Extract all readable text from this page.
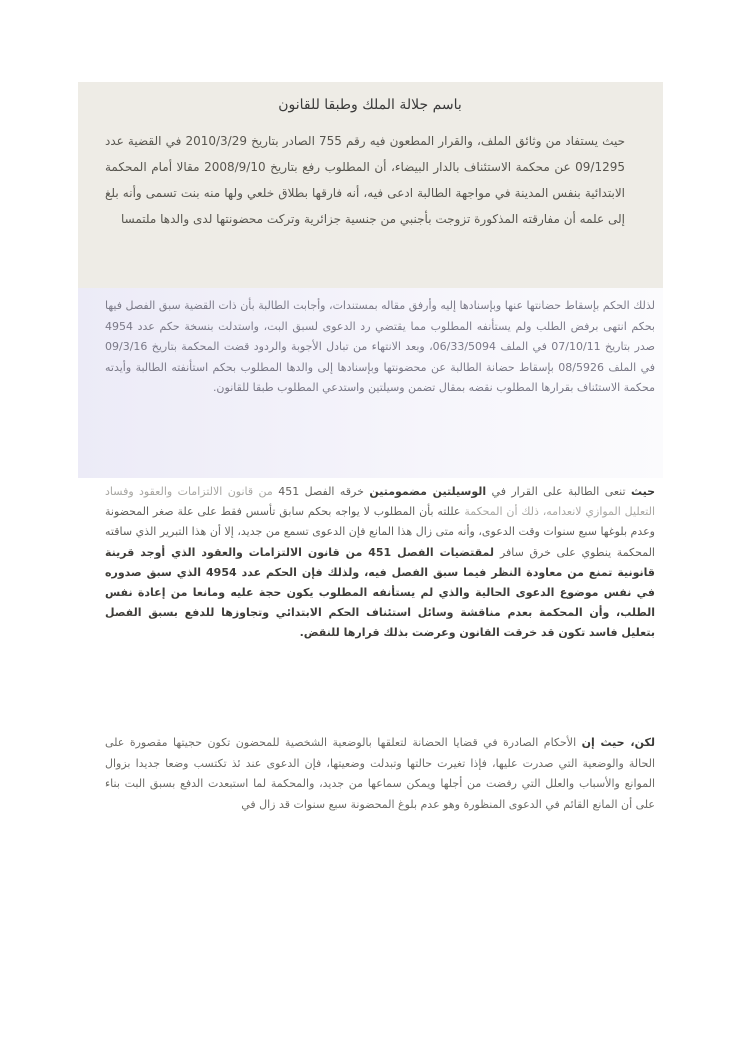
باسم جلالة الملك وطبقا للقانون
حيث يستفاد من وثائق الملف، والقرار المطعون فيه رقم 755 الصادر بتاريخ 2010/3/29 في القضية عدد 09/1295 عن محكمة الاستئناف بالدار البيضاء، أن المطلوب رفع بتاريخ 2008/9/10 مقالا أمام المحكمة الابتدائية بنفس المدينة في مواجهة الطالبة ادعى فيه، أنه فارقها بطلاق خلعي ولها منه بنت تسمى وأنه بلغ إلى علمه أن مفارقته المذكورة تزوجت بأجنبي من جنسية جزائرية وتركت محضونتها لدى والدها ملتمسا
لذلك الحكم بإسقاط حضانتها عنها وبإسنادها إليه وأرفق مقاله بمستندات، وأجابت الطالبة بأن ذات القضية سبق الفصل فيها بحكم انتهى برفض الطلب ولم يستأنفه المطلوب مما يقتضي رد الدعوى لسبق البت، واستدلت بنسخة حكم عدد 4954 صدر بتاريخ 07/10/11 في الملف 06/33/5094، وبعد الانتهاء من تبادل الأجوبة والردود قضت المحكمة بتاريخ 09/3/16 في الملف 08/5926 بإسقاط حضانة الطالبة عن محضونتها وبإسنادها إلى والدها المطلوب بحكم استأنفته الطالبة وأيدته محكمة الاستئناف بقرارها المطلوب نقضه بمقال تضمن وسيلتين واستدعي المطلوب طبقا للقانون.
حيث تنعى الطالبة على القرار في الوسيلتين مضمومتين خرقه الفصل 451 من قانون الالتزامات والعقود وفساد التعليل الموازي لانعدامه، ذلك أن المحكمة عللته بأن المطلوب لا يواجه بحكم سابق تأسس فقط على علة صغر المحضونة وعدم بلوغها سبع سنوات وقت الدعوى، وأنه متى زال هذا المانع فإن الدعوى تسمع من جديد، إلا أن هذا التبرير الذي ساقته المحكمة ينطوي على خرق سافر لمقتضيات الفصل 451 من قانون الالتزامات والعقود الذي أوجد قرينة قانونية تمنع من معاودة النظر فيما سبق الفصل فيه، ولذلك فإن الحكم عدد 4954 الذي سبق صدوره في نفس موضوع الدعوى الحالية والذي لم يستأنفه المطلوب يكون حجة عليه ومانعا من إعادة نفس الطلب، وأن المحكمة بعدم مناقشة وسائل استئناف الحكم الابتدائي وتجاوزها للدفع بسبق الفصل بتعليل فاسد تكون قد خرقت القانون وعرضت بذلك قرارها للنقض.
لكن، حيث إن الأحكام الصادرة في قضايا الحضانة لتعلقها بالوضعية الشخصية للمحضون تكون حجيتها مقصورة على الحالة والوضعية التي صدرت عليها، فإذا تغيرت حالتها وتبدلت وضعيتها، فإن الدعوى عند ئذ تكتسب وضعا جديدا بزوال الموانع والأسباب والعلل التي رفضت من أجلها ويمكن سماعها من جديد، والمحكمة لما استبعدت الدفع بسبق البت بناء على أن المانع القائم في الدعوى المنظورة وهو عدم بلوغ المحضونة سبع سنوات قد زال في
